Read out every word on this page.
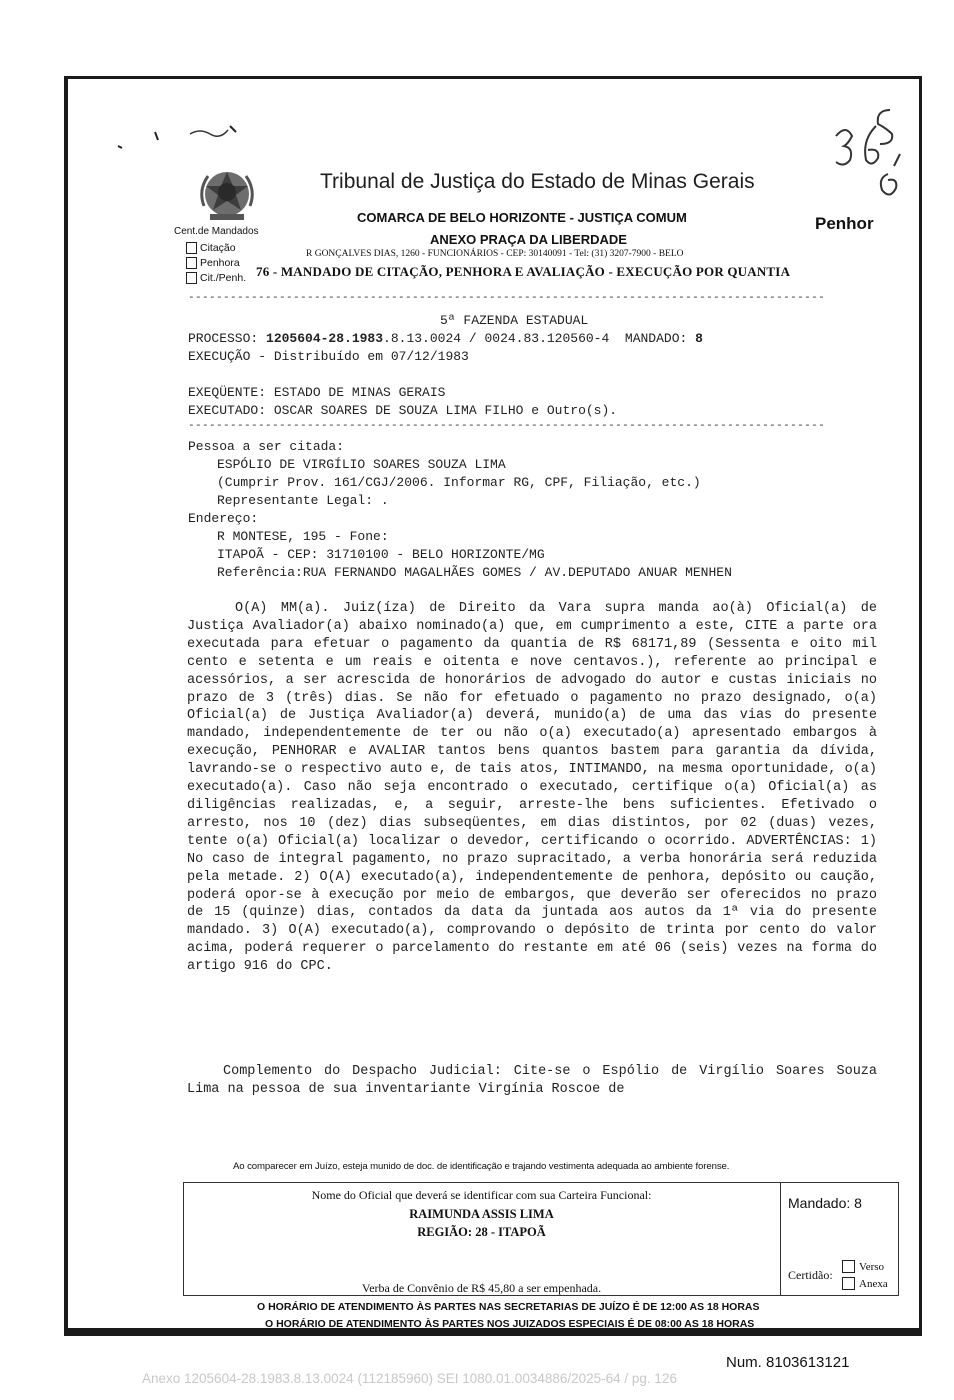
Tribunal de Justiça do Estado de Minas Gerais
COMARCA DE BELO HORIZONTE - JUSTIÇA COMUM	Penhor
ANEXO PRAÇA DA LIBERDADE
R GONÇALVES DIAS, 1260 - FUNCIONÁRIOS - CEP: 30140091 - Tel: (31) 3207-7900 - BELO
Cent.de Mandados
Citação
Penhora
Cit./Penh. 76 - MANDADO DE CITAÇÃO, PENHORA E AVALIAÇÃO - EXECUÇÃO POR QUANTIA
-------------------------------------------------------------------------------------------
5ª FAZENDA ESTADUAL
PROCESSO: 1205604-28.1983.8.13.0024 / 0024.83.120560-4  MANDADO: 8
EXECUÇÃO - Distribuído em 07/12/1983
EXEQÜENTE: ESTADO DE MINAS GERAIS
EXECUTADO: OSCAR SOARES DE SOUZA LIMA FILHO e Outro(s).
-------------------------------------------------------------------------------------------
Pessoa a ser citada:
ESPÓLIO DE VIRGÍLIO SOARES SOUZA LIMA
(Cumprir Prov. 161/CGJ/2006. Informar RG, CPF, Filiação, etc.)
Representante Legal: .
Endereço:
R MONTESE, 195 - Fone:
ITAPOÃ - CEP: 31710100 - BELO HORIZONTE/MG
Referência:RUA FERNANDO MAGALHÃES GOMES / AV.DEPUTADO ANUAR MENHEN

O(A) MM(a). Juiz(íza) de Direito da Vara supra manda ao(à) Oficial(a) de Justiça Avaliador(a) abaixo nominado(a) que, em cumprimento a este, CITE a parte ora executada para efetuar o pagamento da quantia de R$ 68171,89 (Sessenta e oito mil cento e setenta e um reais e oitenta e nove centavos.), referente ao principal e acessórios, a ser acrescida de honorários de advogado do autor e custas iniciais no prazo de 3 (três) dias. Se não for efetuado o pagamento no prazo designado, o(a) Oficial(a) de Justiça Avaliador(a) deverá, munido(a) de uma das vias do presente mandado, independentemente de ter ou não o(a) executado(a) apresentado embargos à execução, PENHORAR e AVALIAR tantos bens quantos bastem para garantia da dívida, lavrando-se o respectivo auto e, de tais atos, INTIMANDO, na mesma oportunidade, o(a) executado(a). Caso não seja encontrado o executado, certifique o(a) Oficial(a) as diligências realizadas, e, a seguir, arreste-lhe bens suficientes. Efetivado o arresto, nos 10 (dez) dias subseqüentes, em dias distintos, por 02 (duas) vezes, tente o(a) Oficial(a) localizar o devedor, certificando o ocorrido. ADVERTÊNCIAS: 1) No caso de integral pagamento, no prazo supracitado, a verba honorária será reduzida pela metade. 2) O(A) executado(a), independentemente de penhora, depósito ou caução, poderá opor-se à execução por meio de embargos, que deverão ser oferecidos no prazo de 15 (quinze) dias, contados da data da juntada aos autos da 1ª via do presente mandado. 3) O(A) executado(a), comprovando o depósito de trinta por cento do valor acima, poderá requerer o parcelamento do restante em até 06 (seis) vezes na forma do artigo 916 do CPC.

Complemento do Despacho Judicial: Cite-se o Espólio de Virgílio Soares Souza Lima na pessoa de sua inventariante Virgínia Roscoe de
Ao comparecer em Juízo, esteja munido de doc. de identificação e trajando vestimenta adequada ao ambiente forense.
Nome do Oficial que deverá se identificar com sua Carteira Funcional:
RAIMUNDA ASSIS LIMA
REGIÃO: 28 - ITAPOÃ
Verba de Convênio de R$ 45,80 a ser empenhada.
Mandado: 8
Certidão:
Verso
Anexa
O HORÁRIO DE ATENDIMENTO ÀS PARTES NAS SECRETARIAS DE JUÍZO É DE 12:00 AS 18 HORAS
O HORÁRIO DE ATENDIMENTO ÀS PARTES NOS JUIZADOS ESPECIAIS É DE 08:00 AS 18 HORAS
Num. 8103613121
Anexo 1205604-28.1983.8.13.0024 (112185960) SEI 1080.01.0034886/2025-64 / pg. 126
